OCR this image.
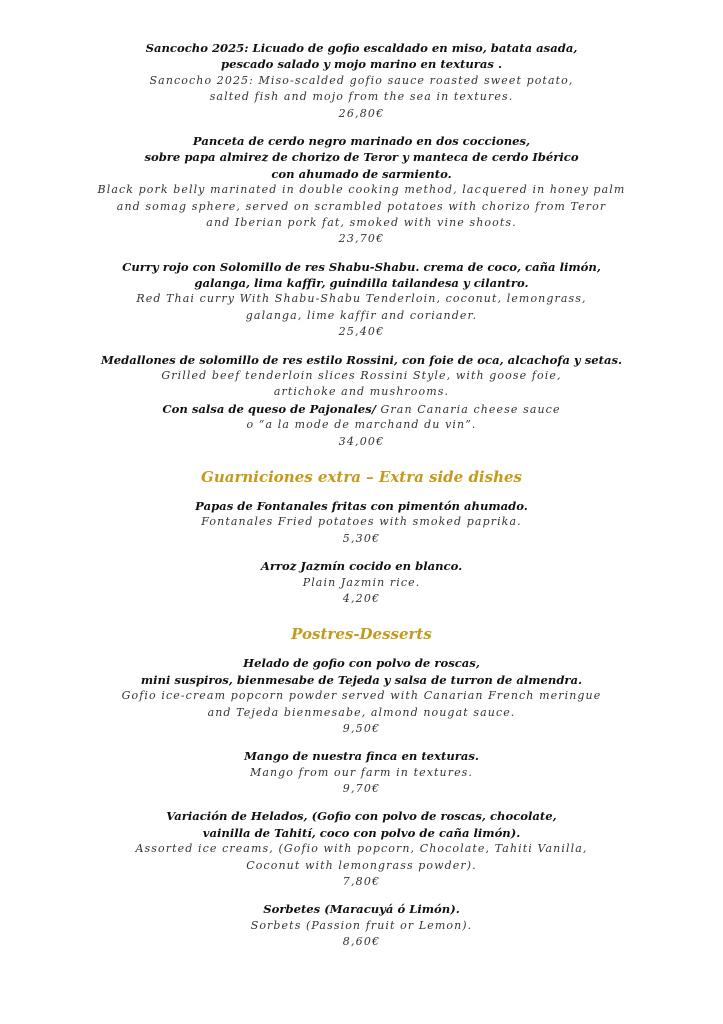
Sancocho 2025: Licuado de gofio escaldado en miso, batata asada,
pescado salado y mojo marino en texturas .
Sancocho 2025: Miso-scalded gofio sauce roasted sweet potato,
salted fish and mojo from the sea in textures.
26,80€
Panceta de cerdo negro marinado en dos cocciones,
sobre papa almirez de chorizo de Teror y manteca de cerdo Ibérico
con ahumado de sarmiento.
Black pork belly marinated in double cooking method, lacquered in honey palm
and somag sphere, served on scrambled potatoes with chorizo from Teror
and Iberian pork fat, smoked with vine shoots.
23,70€
Curry rojo con Solomillo de res Shabu-Shabu. crema de coco, caña limón,
galanga, lima kaffir, guindilla tailandesa y cilantro.
Red Thai curry With Shabu-Shabu Tenderloin, coconut, lemongrass,
galanga, lime kaffir and coriander.
25,40€
Medallones de solomillo de res estilo Rossini, con foie de oca, alcachofa y setas.
Grilled beef tenderloin slices Rossini Style, with goose foie,
artichoke and mushrooms.
Con salsa de queso de Pajonales/ Gran Canaria cheese sauce
o “a la mode de marchand du vin”.
34,00€
Guarniciones extra – Extra side dishes
Papas de Fontanales fritas con pimentón ahumado.
Fontanales Fried potatoes with smoked paprika.
5,30€
Arroz Jazmín cocido en blanco.
Plain Jazmin rice.
4,20€
Postres-Desserts
Helado de gofio con polvo de roscas,
mini suspiros, bienmesabe de Tejeda y salsa de turron de almendra.
Gofio ice-cream popcorn powder served with Canarian French meringue
and Tejeda bienmesabe, almond nougat sauce.
9,50€
Mango de nuestra finca en texturas.
Mango from our farm in textures.
9,70€
Variación de Helados, (Gofio con polvo de roscas, chocolate,
vainilla de Tahití, coco con polvo de caña limón).
Assorted ice creams, (Gofio with popcorn, Chocolate, Tahiti Vanilla,
Coconut with lemongrass powder).
7,80€
Sorbetes (Maracuyá ó Limón).
Sorbets (Passion fruit or Lemon).
8,60€
